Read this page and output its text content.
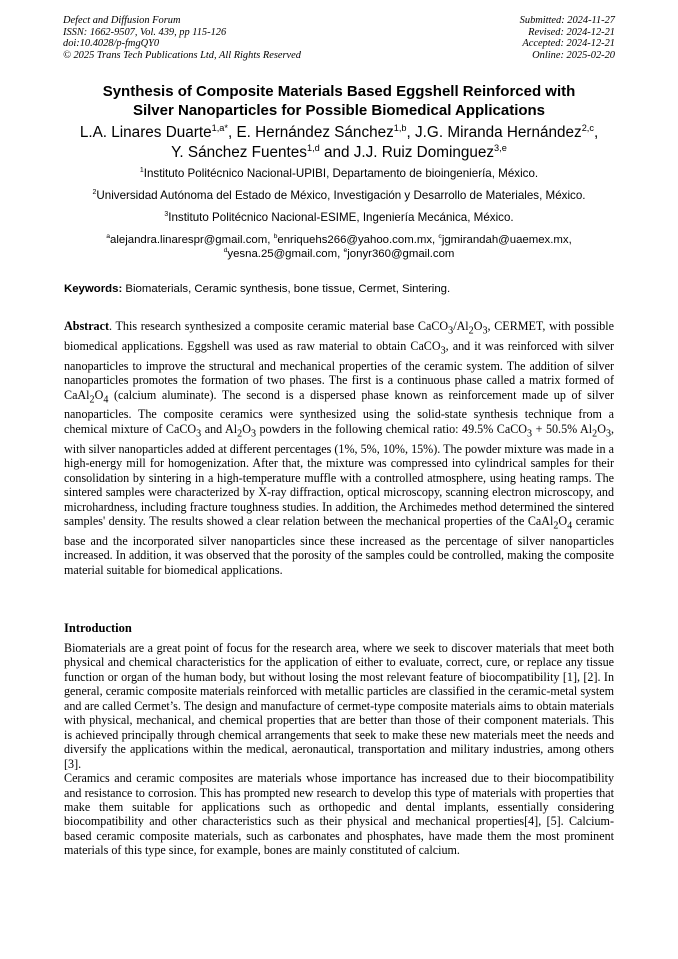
Defect and Diffusion Forum
ISSN: 1662-9507, Vol. 439, pp 115-126
doi:10.4028/p-fmgQY0
© 2025 Trans Tech Publications Ltd, All Rights Reserved
Submitted: 2024-11-27
Revised: 2024-12-21
Accepted: 2024-12-21
Online: 2025-02-20
Synthesis of Composite Materials Based Eggshell Reinforced with
Silver Nanoparticles for Possible Biomedical Applications
L.A. Linares Duarte$^{1,a*}$, E. Hernández Sánchez$^{1,b}$, J.G. Miranda Hernández$^{2,c}$,
Y. Sánchez Fuentes$^{1,d}$ and J.J. Ruiz Dominguez$^{3,e}$
$^1$Instituto Politécnico Nacional-UPIBI, Departamento de bioingeniería, México.
$^2$Universidad Autónoma del Estado de México, Investigación y Desarrollo de Materiales, México.
$^3$Instituto Politécnico Nacional-ESIME, Ingeniería Mecánica, México.
$^a$alejandra.linarespr@gmail.com, $^b$enriquehs266@yahoo.com.mx, $^c$jgmirandah@uaemex.mx,
$^d$yesna.25@gmail.com, $^e$jonyr360@gmail.com
Keywords: Biomaterials, Ceramic synthesis, bone tissue, Cermet, Sintering.
Abstract. This research synthesized a composite ceramic material base $CaCO_3/Al_2O_3$, CERMET, with possible biomedical applications. Eggshell was used as raw material to obtain CaCO$_3$, and it was reinforced with silver nanoparticles to improve the structural and mechanical properties of the ceramic system. The addition of silver nanoparticles promotes the formation of two phases. The first is a continuous phase called a matrix formed of $CaAl_2O_4$ (calcium aluminate). The second is a dispersed phase known as reinforcement made up of silver nanoparticles. The composite ceramics were synthesized using the solid-state synthesis technique from a chemical mixture of CaCO$_3$ and $Al_2O_3$ powders in the following chemical ratio: 49.5% CaCO$_3$ + 50.5% $Al_2O_3$, with silver nanoparticles added at different percentages (1%, 5%, 10%, 15%). The powder mixture was made in a high-energy mill for homogenization. After that, the mixture was compressed into cylindrical samples for their consolidation by sintering in a high-temperature muffle with a controlled atmosphere, using heating ramps. The sintered samples were characterized by X-ray diffraction, optical microscopy, scanning electron microscopy, and microhardness, including fracture toughness studies. In addition, the Archimedes method determined the sintered samples' density. The results showed a clear relation between the mechanical properties of the $CaAl_2O_4$ ceramic base and the incorporated silver nanoparticles since these increased as the percentage of silver nanoparticles increased. In addition, it was observed that the porosity of the samples could be controlled, making the composite material suitable for biomedical applications.
Introduction

Biomaterials are a great point of focus for the research area, where we seek to discover materials that meet both physical and chemical characteristics for the application of either to evaluate, correct, cure, or replace any tissue function or organ of the human body, but without losing the most relevant feature of biocompatibility [1], [2]. In general, ceramic composite materials reinforced with metallic particles are classified in the ceramic-metal system and are called Cermet’s. The design and manufacture of cermet-type composite materials aims to obtain materials with physical, mechanical, and chemical properties that are better than those of their component materials. This is achieved principally through chemical arrangements that seek to make these new materials meet the needs and diversify the applications within the medical, aeronautical, transportation and military industries, among others [3].

Ceramics and ceramic composites are materials whose importance has increased due to their biocompatibility and resistance to corrosion. This has prompted new research to develop this type of materials with properties that make them suitable for applications such as orthopedic and dental implants, essentially considering biocompatibility and other characteristics such as their physical and mechanical properties[4], [5]. Calcium-based ceramic composite materials, such as carbonates and phosphates, have made them the most prominent materials of this type since, for example, bones are mainly constituted of calcium.
